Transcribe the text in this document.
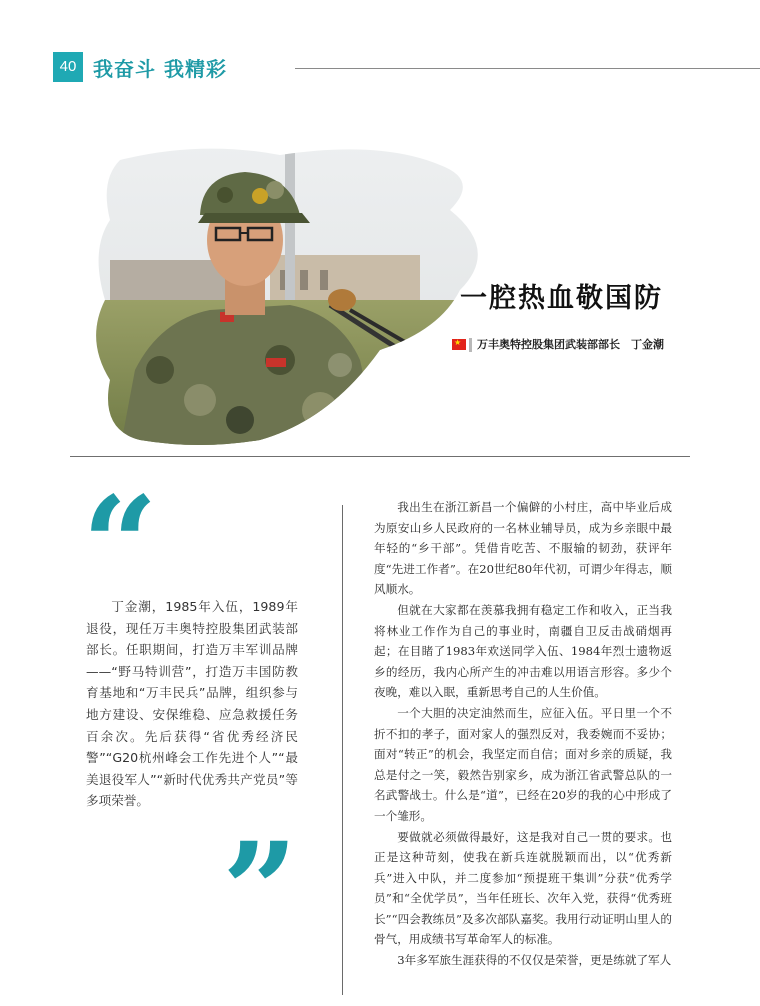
40 我奋斗 我精彩
一腔热血敬国防
★ 万丰奥特控股集团武装部部长　丁金潮
“
丁金潮，1985年入伍，1989年退役，现任万丰奥特控股集团武装部部长。任职期间，打造万丰军训品牌——“野马特训营”，打造万丰国防教育基地和“万丰民兵”品牌，组织参与地方建设、安保维稳、应急救援任务百余次。先后获得“省优秀经济民警”“G20杭州峰会工作先进个人”“最美退役军人”“新时代优秀共产党员”等多项荣誉。
”

我出生在浙江新昌一个偏僻的小村庄，高中毕业后成为原安山乡人民政府的一名林业辅导员，成为乡亲眼中最年轻的“乡干部”。凭借肯吃苦、不服输的韧劲，获评年度“先进工作者”。在20世纪80年代初，可谓少年得志，顺风顺水。

但就在大家都在羡慕我拥有稳定工作和收入，正当我将林业工作作为自己的事业时，南疆自卫反击战硝烟再起；在目睹了1983年欢送同学入伍、1984年烈士遗物返乡的经历，我内心所产生的冲击难以用语言形容。多少个夜晚，难以入眠，重新思考自己的人生价值。

一个大胆的决定油然而生，应征入伍。平日里一个不折不扣的孝子，面对家人的强烈反对，我委婉而不妥协；面对“转正”的机会，我坚定而自信；面对乡亲的质疑，我总是付之一笑，毅然告别家乡，成为浙江省武警总队的一名武警战士。什么是“道”，已经在20岁的我的心中形成了一个雏形。

要做就必须做得最好，这是我对自己一贯的要求。也正是这种苛刻，使我在新兵连就脱颖而出，以“优秀新兵”进入中队，并二度参加“预提班干集训”分获“优秀学员”和“全优学员”，当年任班长、次年入党，获得“优秀班长”“四会教练员”及多次部队嘉奖。我用行动证明山里人的骨气，用成绩书写革命军人的标准。

3年多军旅生涯获得的不仅仅是荣誉，更是练就了军人
